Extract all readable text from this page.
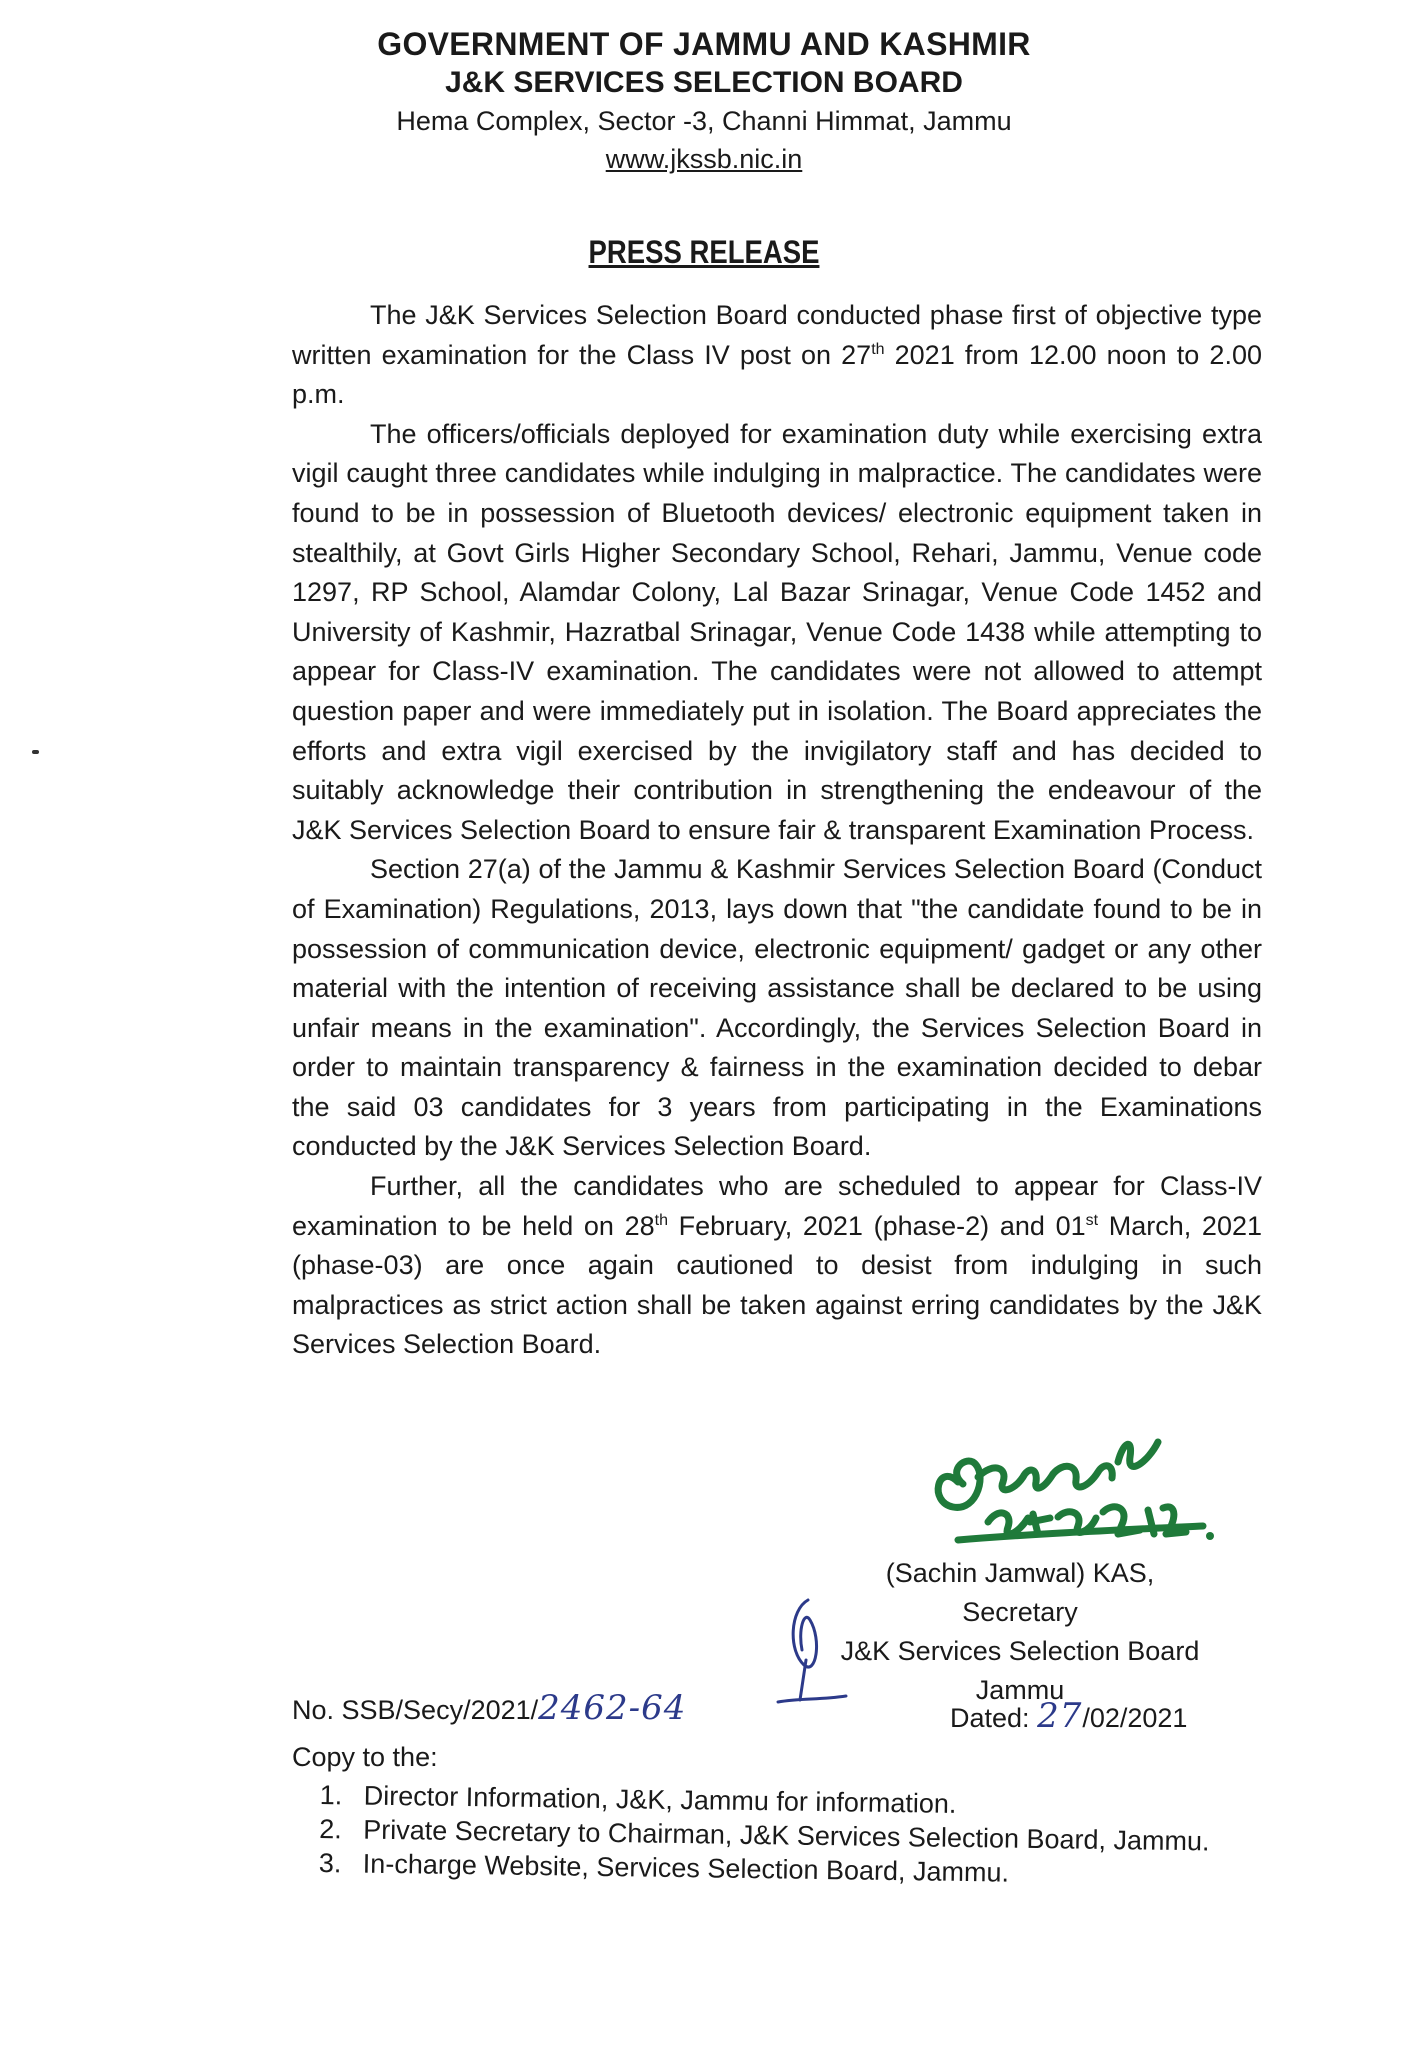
GOVERNMENT OF JAMMU AND KASHMIR
J&K SERVICES SELECTION BOARD
Hema Complex, Sector -3, Channi Himmat, Jammu
www.jkssb.nic.in
PRESS RELEASE

The J&K Services Selection Board conducted phase first of objective type written examination for the Class IV post on 27th 2021 from 12.00 noon to 2.00 p.m.

The officers/officials deployed for examination duty while exercising extra vigil caught three candidates while indulging in malpractice. The candidates were found to be in possession of Bluetooth devices/ electronic equipment taken in stealthily, at Govt Girls Higher Secondary School, Rehari, Jammu, Venue code 1297, RP School, Alamdar Colony, Lal Bazar Srinagar, Venue Code 1452 and University of Kashmir, Hazratbal Srinagar, Venue Code 1438 while attempting to appear for Class-IV examination. The candidates were not allowed to attempt question paper and were immediately put in isolation. The Board appreciates the efforts and extra vigil exercised by the invigilatory staff and has decided to suitably acknowledge their contribution in strengthening the endeavour of the J&K Services Selection Board to ensure fair & transparent Examination Process.

Section 27(a) of the Jammu & Kashmir Services Selection Board (Conduct of Examination) Regulations, 2013, lays down that "the candidate found to be in possession of communication device, electronic equipment/ gadget or any other material with the intention of receiving assistance shall be declared to be using unfair means in the examination". Accordingly, the Services Selection Board in order to maintain transparency & fairness in the examination decided to debar the said 03 candidates for 3 years from participating in the Examinations conducted by the J&K Services Selection Board.

Further, all the candidates who are scheduled to appear for Class-IV examination to be held on 28th February, 2021 (phase-2) and 01st March, 2021 (phase-03) are once again cautioned to desist from indulging in such malpractices as strict action shall be taken against erring candidates by the J&K Services Selection Board.

(Sachin Jamwal) KAS,
Secretary
J&K Services Selection Board
Jammu
No. SSB/Secy/2021/2462-64	Dated: 27/02/2021
Copy to the:
1. Director Information, J&K, Jammu for information.
2. Private Secretary to Chairman, J&K Services Selection Board, Jammu.
3. In-charge Website, Services Selection Board, Jammu.
